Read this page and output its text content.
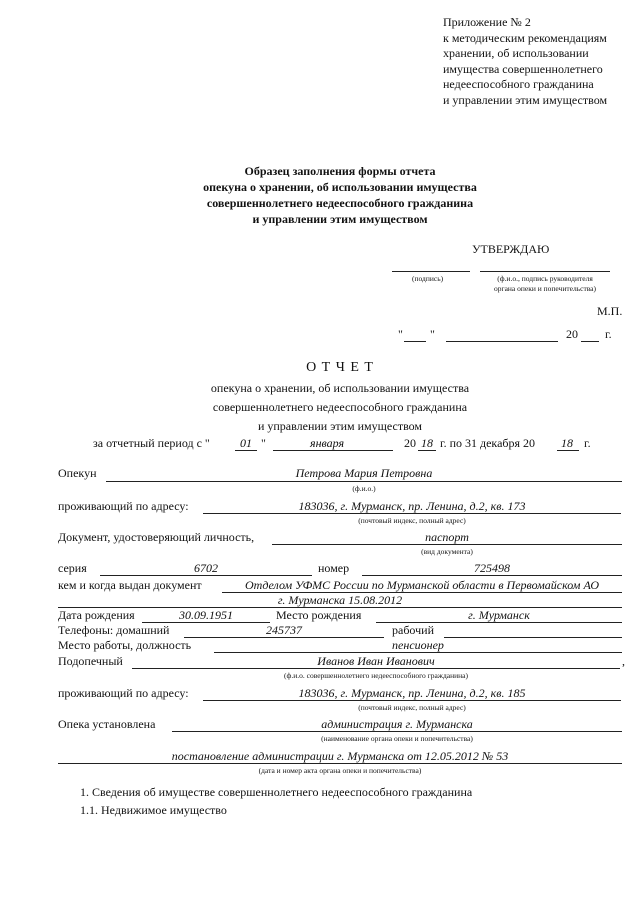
Приложение № 2
к методическим рекомендациям
хранении, об использовании
имущества совершеннолетнего
недееспособного гражданина
и управлении этим имуществом
Образец заполнения формы отчета
опекуна о хранении, об использовании имущества
совершеннолетнего недееспособного гражданина
и управлении этим имуществом
УТВЕРЖДАЮ
(подпись)	(ф.и.о., подпись руководителя
органа опеки и попечительства)
М.П.
" "	20 г.
О Т Ч Е Т
опекуна о хранении, об использовании имущества
совершеннолетнего недееспособного гражданина
и управлении этим имуществом
за отчетный период с "	01 "	января	20 18 г. по 31 декабря 20 18 г.
Опекун	Петрова Мария Петровна
(ф.и.о.)
проживающий по адресу:	183036, г. Мурманск, пр. Ленина, д.2, кв. 173
(почтовый индекс, полный адрес)
Документ, удостоверяющий личность,	паспорт
(вид документа)
серия	6702	номер	725498
кем и когда выдан документ	Отделом УФМС России по Мурманской области в Первомайском АО
г. Мурманска 15.08.2012
Дата рождения	30.09.1951	Место рождения	г. Мурманск
Телефоны: домашний	245737	рабочий
Место работы, должность	пенсионер
Подопечный	Иванов Иван Иванович	,
(ф.и.о. совершеннолетнего недееспособного гражданина)
проживающий по адресу:	183036, г. Мурманск, пр. Ленина, д.2, кв. 185
(почтовый индекс, полный адрес)
Опека установлена	администрация г. Мурманска
(наименование органа опеки и попечительства)
постановление администрации г. Мурманска от 12.05.2012 № 53
(дата и номер акта органа опеки и попечительства)
1. Сведения об имуществе совершеннолетнего недееспособного гражданина
1.1. Недвижимое имущество
